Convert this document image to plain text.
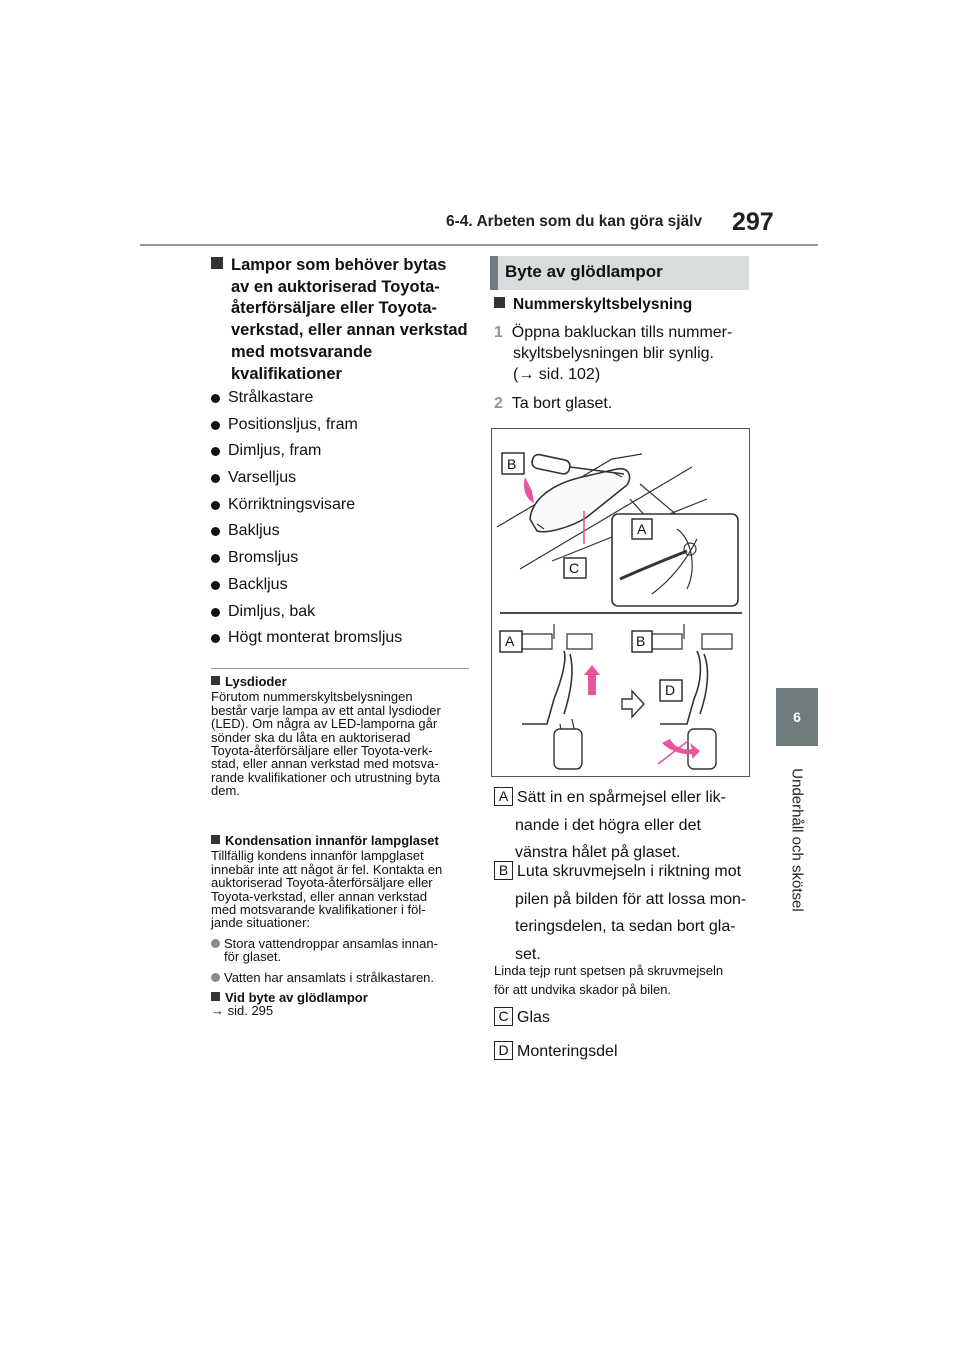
6-4. Arbeten som du kan göra själv 297
6
Underhåll och skötsel
Lampor som behöver bytas
av en auktoriserad Toyota-
återförsäljare eller Toyota-
verkstad, eller annan verkstad
med motsvarande
kvalifikationer
Strålkastare
Positionsljus, fram
Dimljus, fram
Varselljus
Körriktningsvisare
Bakljus
Bromsljus
Backljus
Dimljus, bak
Högt monterat bromsljus
Lysdioder
Förutom nummerskyltsbelysningen
består varje lampa av ett antal lysdioder
(LED). Om några av LED-lamporna går
sönder ska du låta en auktoriserad
Toyota-återförsäljare eller Toyota-verk-
stad, eller annan verkstad med motsva-
rande kvalifikationer och utrustning byta
dem.
Kondensation innanför lampglaset
Tillfällig kondens innanför lampglaset
innebär inte att något är fel. Kontakta en
auktoriserad Toyota-återförsäljare eller
Toyota-verkstad, eller annan verkstad
med motsvarande kvalifikationer i föl-
jande situationer:
Stora vattendroppar ansamlas innan-
för glaset.
Vatten har ansamlats i strålkastaren.
Vid byte av glödlampor
→ sid. 295
Byte av glödlampor
Nummerskyltsbelysning
1 Öppna bakluckan tills nummer-
skyltsbelysningen blir synlig.
(→ sid. 102)
2 Ta bort glaset.
B
A
C
A	B
D
A Sätt in en spårmejsel eller lik-
nande i det högra eller det
vänstra hålet på glaset.
B Luta skruvmejseln i riktning mot
pilen på bilden för att lossa mon-
teringsdelen, ta sedan bort gla-
set.
Linda tejp runt spetsen på skruvmejseln
för att undvika skador på bilen.
C Glas
D Monteringsdel
